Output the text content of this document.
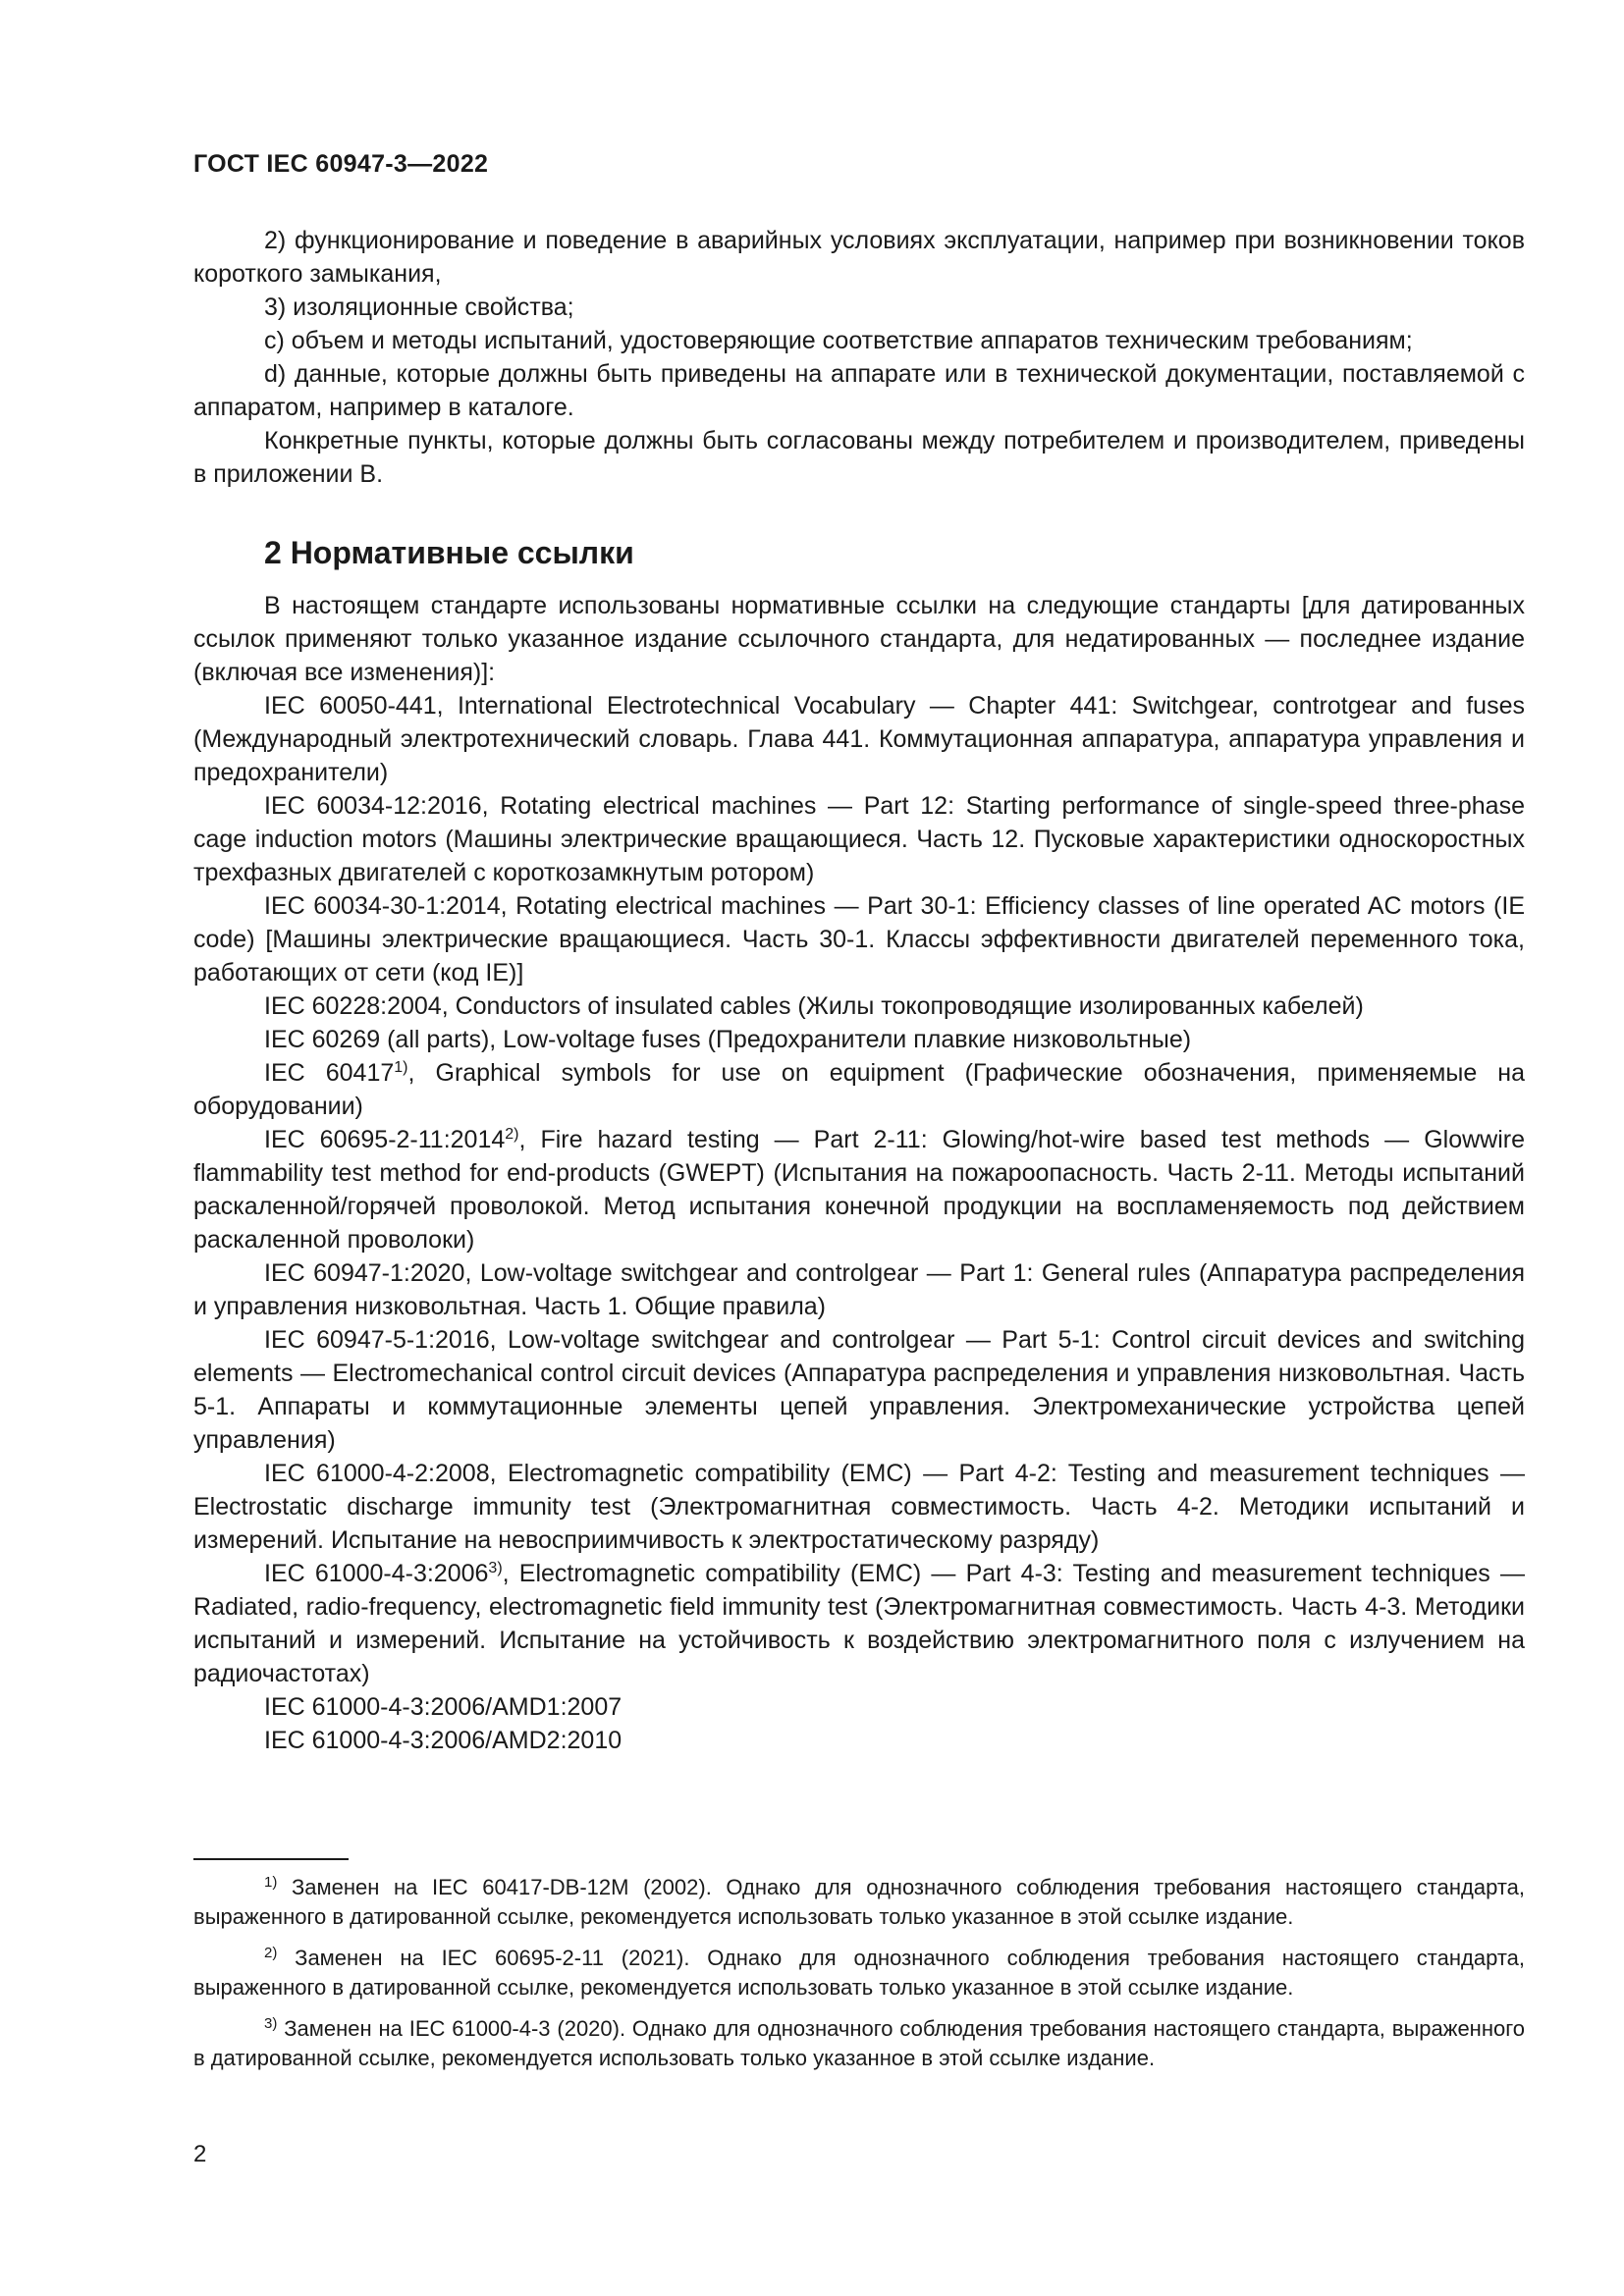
ГОСТ IEC 60947-3—2022

2) функционирование и поведение в аварийных условиях эксплуатации, например при возникновении токов короткого замыкания,

3) изоляционные свойства;

c) объем и методы испытаний, удостоверяющие соответствие аппаратов техническим требованиям;

d) данные, которые должны быть приведены на аппарате или в технической документации, поставляемой с аппаратом, например в каталоге.

Конкретные пункты, которые должны быть согласованы между потребителем и производителем, приведены в приложении В.

2 Нормативные ссылки

В настоящем стандарте использованы нормативные ссылки на следующие стандарты [для датированных ссылок применяют только указанное издание ссылочного стандарта, для недатированных — последнее издание (включая все изменения)]:

IEC 60050-441, International Electrotechnical Vocabulary — Chapter 441: Switchgear, controtgear and fuses (Международный электротехнический словарь. Глава 441. Коммутационная аппаратура, аппаратура управления и предохранители)

IEC 60034-12:2016, Rotating electrical machines — Part 12: Starting performance of single-speed three-phase cage induction motors (Машины электрические вращающиеся. Часть 12. Пусковые характеристики односкоростных трехфазных двигателей с короткозамкнутым ротором)

IEC 60034-30-1:2014, Rotating electrical machines — Part 30-1: Efficiency classes of line operated AC motors (IE code) [Машины электрические вращающиеся. Часть 30-1. Классы эффективности двигателей переменного тока, работающих от сети (код IE)]

IEC 60228:2004, Conductors of insulated cables (Жилы токопроводящие изолированных кабелей)

IEC 60269 (all parts), Low-voltage fuses (Предохранители плавкие низковольтные)

IEC 60417$^{1)}$, Graphical symbols for use on equipment (Графические обозначения, применяемые на оборудовании)

IEC 60695-2-11:2014$^{2)}$, Fire hazard testing — Part 2-11: Glowing/hot-wire based test methods — Glowwire flammability test method for end-products (GWEPT) (Испытания на пожароопасность. Часть 2-11. Методы испытаний раскаленной/горячей проволокой. Метод испытания конечной продукции на воспламеняемость под действием раскаленной проволоки)

IEC 60947-1:2020, Low-voltage switchgear and controlgear — Part 1: General rules (Аппаратура распределения и управления низковольтная. Часть 1. Общие правила)

IEC 60947-5-1:2016, Low-voltage switchgear and controlgear — Part 5-1: Control circuit devices and switching elements — Electromechanical control circuit devices (Аппаратура распределения и управления низковольтная. Часть 5-1. Аппараты и коммутационные элементы цепей управления. Электромеханические устройства цепей управления)

IEC 61000-4-2:2008, Electromagnetic compatibility (EMC) — Part 4-2: Testing and measurement techniques — Electrostatic discharge immunity test (Электромагнитная совместимость. Часть 4-2. Методики испытаний и измерений. Испытание на невосприимчивость к электростатическому разряду)

IEC 61000-4-3:2006$^{3)}$, Electromagnetic compatibility (EMC) — Part 4-3: Testing and measurement techniques — Radiated, radio-frequency, electromagnetic field immunity test (Электромагнитная совместимость. Часть 4-3. Методики испытаний и измерений. Испытание на устойчивость к воздействию электромагнитного поля с излучением на радиочастотах)

IEC 61000-4-3:2006/AMD1:2007

IEC 61000-4-3:2006/AMD2:2010

$^{1)}$ Заменен на IEC 60417-DB-12M (2002). Однако для однозначного соблюдения требования настоящего стандарта, выраженного в датированной ссылке, рекомендуется использовать только указанное в этой ссылке издание.

$^{2)}$ Заменен на IEC 60695-2-11 (2021). Однако для однозначного соблюдения требования настоящего стандарта, выраженного в датированной ссылке, рекомендуется использовать только указанное в этой ссылке издание.

$^{3)}$ Заменен на IEC 61000-4-3 (2020). Однако для однозначного соблюдения требования настоящего стандарта, выраженного в датированной ссылке, рекомендуется использовать только указанное в этой ссылке издание.

2
